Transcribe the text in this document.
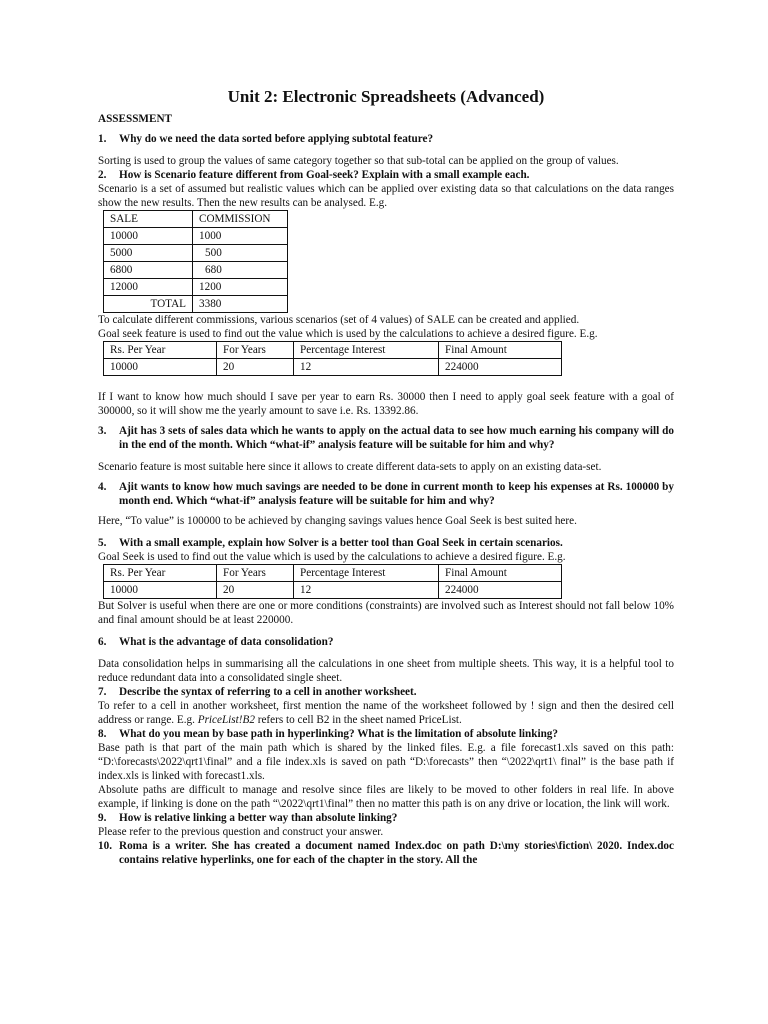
Unit 2: Electronic Spreadsheets (Advanced)
ASSESSMENT
1.	Why do we need the data sorted before applying subtotal feature?

Sorting is used to group the values of same category together so that sub-total can be applied on the group of values.

2.	How is Scenario feature different from Goal-seek? Explain with a small example each.

Scenario is a set of assumed but realistic values which can be applied over existing data so that calculations on the data ranges show the new results. Then the new results can be analysed. E.g.

SALE	COMMISSION
10000	1000
5000	500
6800	680
12000	1200
TOTAL	3380

To calculate different commissions, various scenarios (set of 4 values) of SALE can be created and applied.

Goal seek feature is used to find out the value which is used by the calculations to achieve a desired figure. E.g.

Rs. Per Year	For Years	Percentage Interest	Final Amount
10000	20	12	224000

If I want to know how much should I save per year to earn Rs. 30000 then I need to apply goal seek feature with a goal of 300000, so it will show me the yearly amount to save i.e. Rs. 13392.86.

3.	Ajit has 3 sets of sales data which he wants to apply on the actual data to see how much earning his company will do in the end of the month. Which “what-if” analysis feature will be suitable for him and why?

Scenario feature is most suitable here since it allows to create different data-sets to apply on an existing data-set.

4.	Ajit wants to know how much savings are needed to be done in current month to keep his expenses at Rs. 100000 by month end. Which “what-if” analysis feature will be suitable for him and why?

Here, “To value” is 100000 to be achieved by changing savings values hence Goal Seek is best suited here.

5.	With a small example, explain how Solver is a better tool than Goal Seek in certain scenarios.

Goal Seek is used to find out the value which is used by the calculations to achieve a desired figure. E.g.

Rs. Per Year	For Years	Percentage Interest	Final Amount
10000	20	12	224000

But Solver is useful when there are one or more conditions (constraints) are involved such as Interest should not fall below 10% and final amount should be at least 220000.

6.	What is the advantage of data consolidation?

Data consolidation helps in summarising all the calculations in one sheet from multiple sheets. This way, it is a helpful tool to reduce redundant data into a consolidated single sheet.

7.	Describe the syntax of referring to a cell in another worksheet.

To refer to a cell in another worksheet, first mention the name of the worksheet followed by ! sign and then the desired cell address or range. E.g. PriceList!B2 refers to cell B2 in the sheet named PriceList.

8.	What do you mean by base path in hyperlinking? What is the limitation of absolute linking?

Base path is that part of the main path which is shared by the linked files. E.g. a file forecast1.xls saved on this path: “D:\forecasts\2022\qrt1\final” and a file index.xls is saved on path “D:\forecasts” then “\2022\qrt1\ final” is the base path if index.xls is linked with forecast1.xls.

Absolute paths are difficult to manage and resolve since files are likely to be moved to other folders in real life. In above example, if linking is done on the path “\2022\qrt1\final” then no matter this path is on any drive or location, the link will work.

9.	How is relative linking a better way than absolute linking?

Please refer to the previous question and construct your answer.

10. Roma is a writer. She has created a document named Index.doc on path D:\my stories\fiction\ 2020. Index.doc contains relative hyperlinks, one for each of the chapter in the story. All the
